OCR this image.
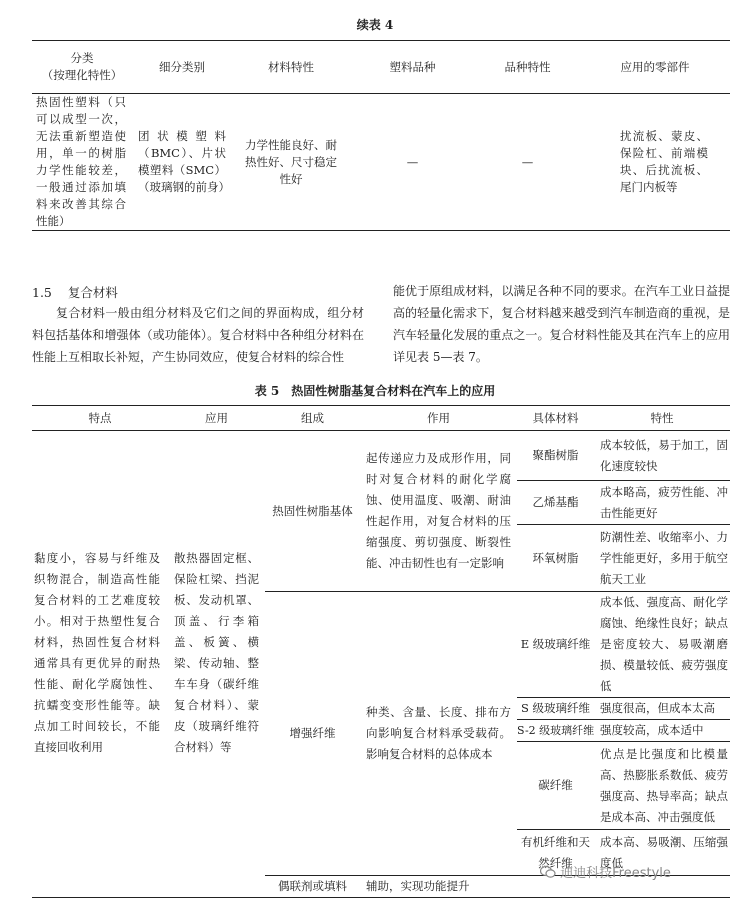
续表 4
分类
（按理化特性）	细分类别	材料特性	塑料品种	品种特性	应用的零部件
热固性塑料（只可以成型一次，无法重新塑造使用，单一的树脂力学性能较差，一般通过添加填料来改善其综合性能）	团状模塑料（BMC）、片状模塑料（SMC）（玻璃钢的前身）	力学性能良好、耐热性好、尺寸稳定性好	—	—	扰流板、蒙皮、保险杠、前端模块、后扰流板、尾门内板等
1.5 复合材料
复合材料一般由组分材料及它们之间的界面构成，组分材料包括基体和增强体（或功能体）。复合材料中各种组分材料在性能上互相取长补短，产生协同效应，使复合材料的综合性
能优于原组成材料，以满足各种不同的要求。在汽车工业日益提高的轻量化需求下，复合材料越来越受到汽车制造商的重视，是汽车轻量化发展的重点之一。复合材料性能及其在汽车上的应用详见表 5—表 7。
表 5　热固性树脂基复合材料在汽车上的应用
特点	应用	组成	作用	具体材料	特性
黏度小，容易与纤维及织物混合，制造高性能复合材料的工艺难度较小。相对于热塑性复合材料，热固性复合材料通常具有更优异的耐热性能、耐化学腐蚀性、抗蠕变变形性能等。缺点加工时间较长，不能直接回收利用	散热器固定框、保险杠梁、挡泥板、发动机罩、顶盖、行李箱盖、板簧、横梁、传动轴、整车车身（碳纤维复合材料）、蒙皮（玻璃纤维符合材料）等	热固性树脂基体	起传递应力及成形作用，同时对复合材料的耐化学腐蚀、使用温度、吸潮、耐油性起作用，对复合材料的压缩强度、剪切强度、断裂性能、冲击韧性也有一定影响	聚酯树脂	成本较低，易于加工，固化速度较快
				乙烯基酯	成本略高，疲劳性能、冲击性能更好
				环氧树脂	防潮性差、收缩率小、力学性能更好，多用于航空航天工业
		增强纤维	种类、含量、长度、排布方向影响复合材料承受载荷。影响复合材料的总体成本	E 级玻璃纤维	成本低、强度高、耐化学腐蚀、绝缘性良好；缺点是密度较大、易吸潮磨损、模量较低、疲劳强度低
				S 级玻璃纤维	强度很高，但成本太高
				S-2 级玻璃纤维	强度较高，成本适中
				碳纤维	优点是比强度和比模量高、热膨胀系数低、疲劳强度高、热导率高；缺点是成本高、冲击强度低
				有机纤维和天然纤维	成本高、易吸潮、压缩强度低
		偶联剂或填料	辅助，实现功能提升		
迪迪科技Freestyle
